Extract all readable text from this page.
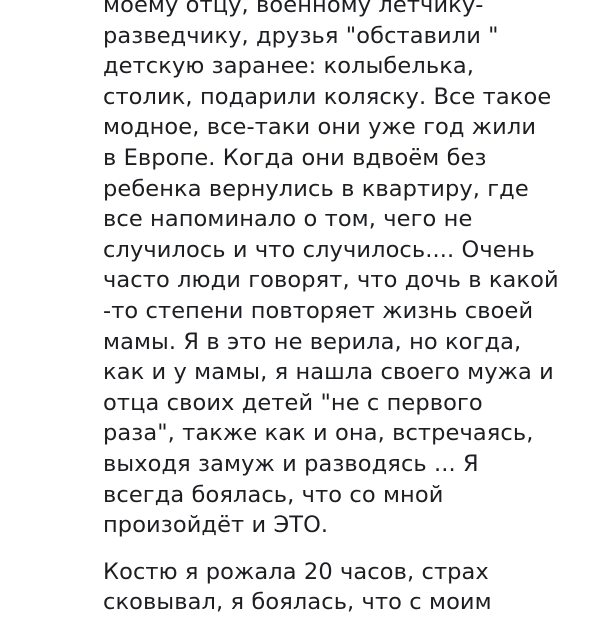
моему отцу, военному летчику-
разведчику, друзья "обставили "
детскую заранее: колыбелька,
столик, подарили коляску. Все такое
модное, все-таки они уже год жили
в Европе. Когда они вдвоём без
ребенка вернулись в квартиру, где
все напоминало о том, чего не
случилось и что случилось.... Очень
часто люди говорят, что дочь в какой
-то степени повторяет жизнь своей
мамы. Я в это не верила, но когда,
как и у мамы, я нашла своего мужа и
отца своих детей "не с первого
раза", также как и она, встречаясь,
выходя замуж и разводясь ... Я
всегда боялась, что со мной
произойдёт и ЭТО.
Костю я рожала 20 часов, страх
сковывал, я боялась, что с моим
